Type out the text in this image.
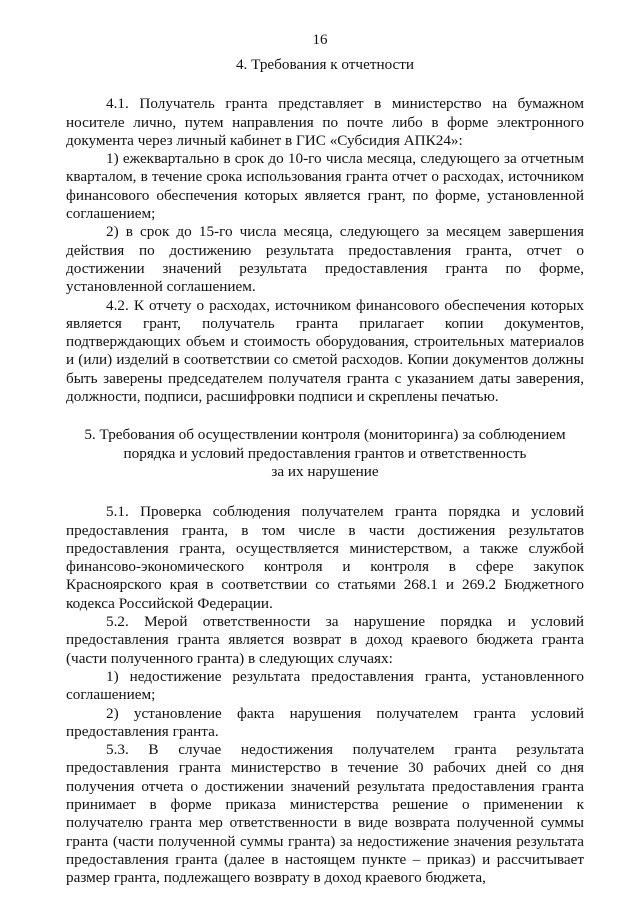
16
4. Требования к отчетности

4.1. Получатель гранта представляет в министерство на бумажном носителе лично, путем направления по почте либо в форме электронного документа через личный кабинет в ГИС «Субсидия АПК24»:

1) ежеквартально в срок до 10-го числа месяца, следующего за отчетным кварталом, в течение срока использования гранта отчет о расходах, источником финансового обеспечения которых является грант, по форме, установленной соглашением;

2) в срок до 15-го числа месяца, следующего за месяцем завершения действия по достижению результата предоставления гранта, отчет о достижении значений результата предоставления гранта по форме, установленной соглашением.

4.2. К отчету о расходах, источником финансового обеспечения которых является грант, получатель гранта прилагает копии документов, подтверждающих объем и стоимость оборудования, строительных материалов и (или) изделий в соответствии со сметой расходов. Копии документов должны быть заверены председателем получателя гранта с указанием даты заверения, должности, подписи, расшифровки подписи и скреплены печатью.

5. Требования об осуществлении контроля (мониторинга) за соблюдением
порядка и условий предоставления грантов и ответственность
за их нарушение

5.1. Проверка соблюдения получателем гранта порядка и условий предоставления гранта, в том числе в части достижения результатов предоставления гранта, осуществляется министерством, а также службой финансово-экономического контроля и контроля в сфере закупок Красноярского края в соответствии со статьями 268.1 и 269.2 Бюджетного кодекса Российской Федерации.

5.2. Мерой ответственности за нарушение порядка и условий предоставления гранта является возврат в доход краевого бюджета гранта (части полученного гранта) в следующих случаях:

1) недостижение результата предоставления гранта, установленного соглашением;

2) установление факта нарушения получателем гранта условий предоставления гранта.

5.3. В случае недостижения получателем гранта результата предоставления гранта министерство в течение 30 рабочих дней со дня получения отчета о достижении значений результата предоставления гранта принимает в форме приказа министерства решение о применении к получателю гранта мер ответственности в виде возврата полученной суммы гранта (части полученной суммы гранта) за недостижение значения результата предоставления гранта (далее в настоящем пункте – приказ) и рассчитывает размер гранта, подлежащего возврату в доход краевого бюджета,
